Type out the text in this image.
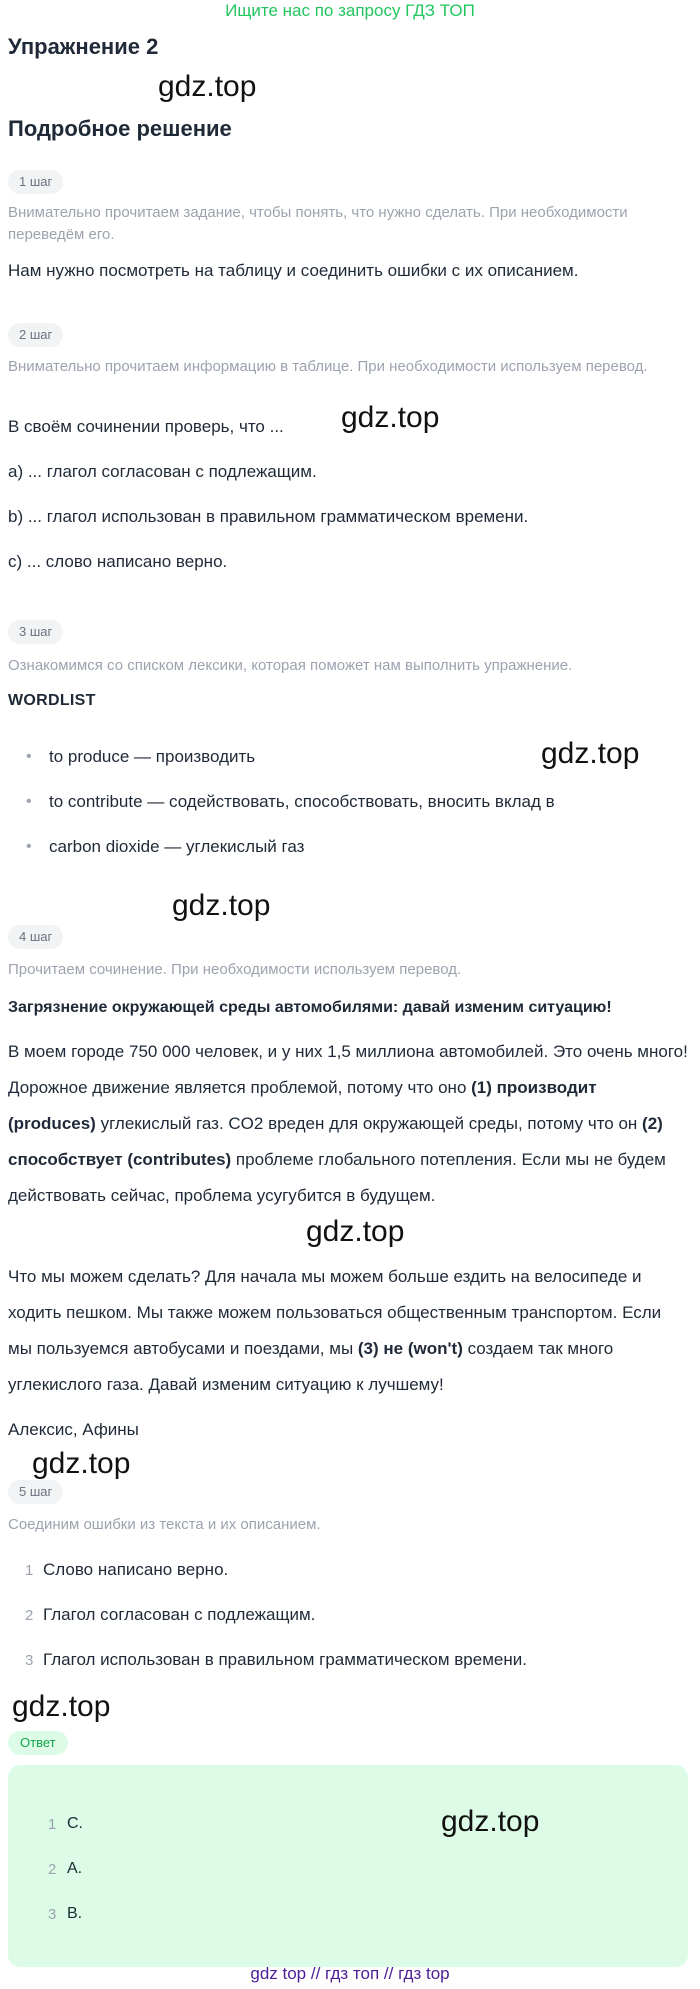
Ищите нас по запросу ГДЗ ТОП
Упражнение 2
gdz.top
Подробное решение
1 шаг
Внимательно прочитаем задание, чтобы понять, что нужно сделать. При необходимости переведём его.
Нам нужно посмотреть на таблицу и соединить ошибки с их описанием.
2 шаг
Внимательно прочитаем информацию в таблице. При необходимости используем перевод.
В своём сочинении проверь, что ...	gdz.top
a) ... глагол согласован с подлежащим.
b) ... глагол использован в правильном грамматическом времени.
c) ... слово написано верно.
3 шаг
Ознакомимся со списком лексики, которая поможет нам выполнить упражнение.
WORDLIST
gdz.top
• to produce — производить
• to contribute — содействовать, способствовать, вносить вклад в
• carbon dioxide — углекислый газ
gdz.top
4 шаг
Прочитаем сочинение. При необходимости используем перевод.
Загрязнение окружающей среды автомобилями: давай изменим ситуацию!
В моем городе 750 000 человек, и у них 1,5 миллиона автомобилей. Это очень много! Дорожное движение является проблемой, потому что оно (1) производит (produces) углекислый газ. CO2 вреден для окружающей среды, потому что он (2) способствует (contributes) проблеме глобального потепления. Если мы не будем действовать сейчас, проблема усугубится в будущем.
gdz.top
Что мы можем сделать? Для начала мы можем больше ездить на велосипеде и ходить пешком. Мы также можем пользоваться общественным транспортом. Если мы пользуемся автобусами и поездами, мы (3) не (won't) создаем так много углекислого газа. Давай изменим ситуацию к лучшему!
Алексис, Афины
gdz.top
5 шаг
Соединим ошибки из текста и их описанием.
1 Слово написано верно.
2 Глагол согласован с подлежащим.
3 Глагол использован в правильном грамматическом времени.
gdz.top
Ответ
gdz.top
1 C.
2 A.
3 B.
gdz top // гдз топ // гдз top
